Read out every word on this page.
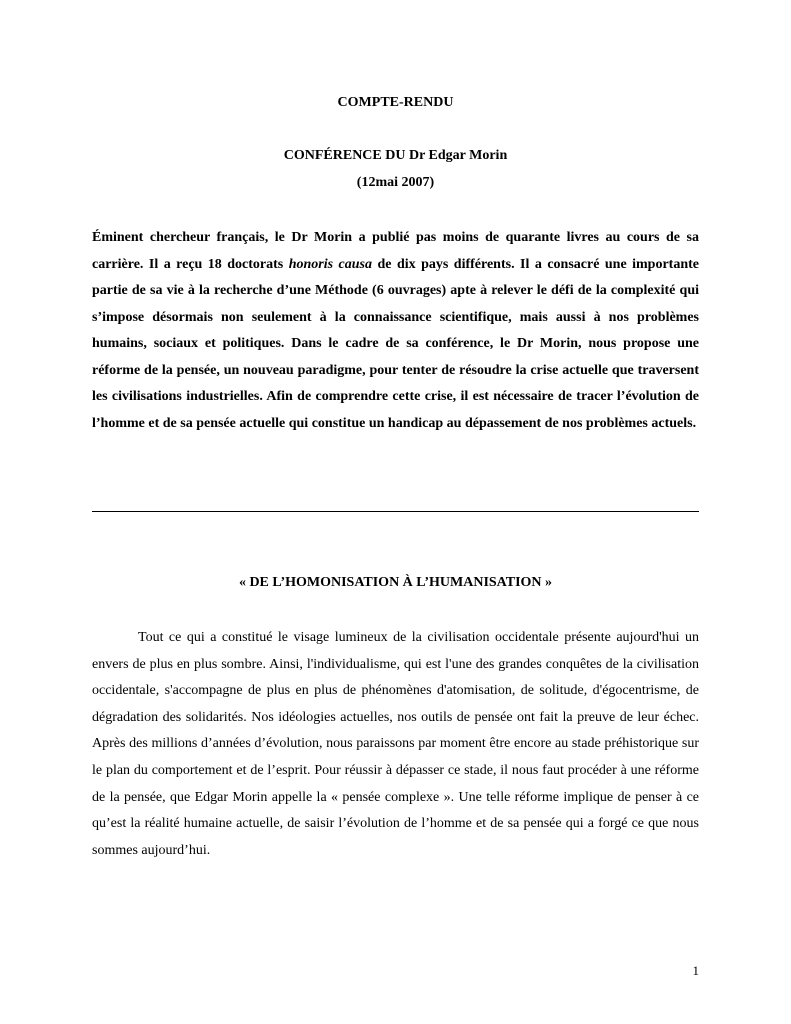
COMPTE-RENDU
CONFÉRENCE DU Dr Edgar Morin
(12mai 2007)

Éminent chercheur français, le Dr Morin a publié pas moins de quarante livres au cours de sa carrière. Il a reçu 18 doctorats honoris causa de dix pays différents. Il a consacré une importante partie de sa vie à la recherche d’une Méthode (6 ouvrages) apte à relever le défi de la complexité qui s’impose désormais non seulement à la connaissance scientifique, mais aussi à nos problèmes humains, sociaux et politiques. Dans le cadre de sa conférence, le Dr Morin, nous propose une réforme de la pensée, un nouveau paradigme, pour tenter de résoudre la crise actuelle que traversent les civilisations industrielles. Afin de comprendre cette crise, il est nécessaire de tracer l’évolution de l’homme et de sa pensée actuelle qui constitue un handicap au dépassement de nos problèmes actuels.

« DE L’HOMONISATION À L’HUMANISATION »

Tout ce qui a constitué le visage lumineux de la civilisation occidentale présente aujourd'hui un envers de plus en plus sombre. Ainsi, l'individualisme, qui est l'une des grandes conquêtes de la civilisation occidentale, s'accompagne de plus en plus de phénomènes d'atomisation, de solitude, d'égocentrisme, de dégradation des solidarités. Nos idéologies actuelles, nos outils de pensée ont fait la preuve de leur échec. Après des millions d’années d’évolution, nous paraissons par moment être encore au stade préhistorique sur le plan du comportement et de l’esprit. Pour réussir à dépasser ce stade, il nous faut procéder à une réforme de la pensée, que Edgar Morin appelle la « pensée complexe ». Une telle réforme implique de penser à ce qu’est la réalité humaine actuelle, de saisir l’évolution de l’homme et de sa pensée qui a forgé ce que nous sommes aujourd’hui.

1
